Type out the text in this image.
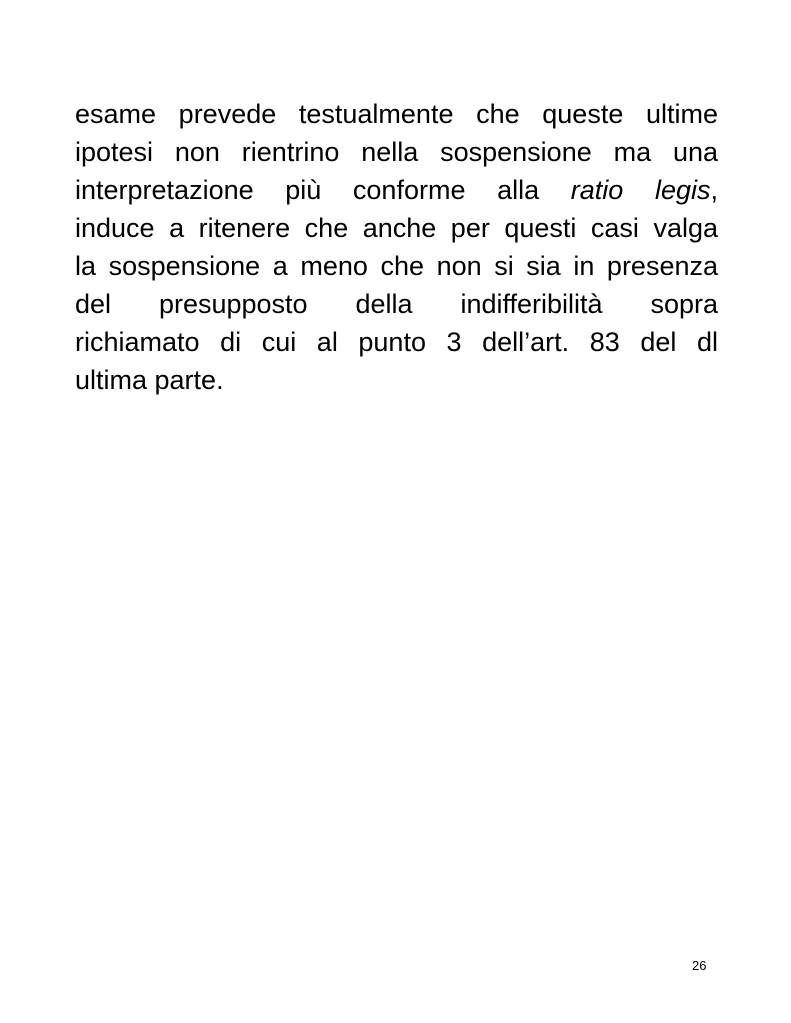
esame prevede testualmente che queste ultime
ipotesi non rientrino nella sospensione ma una
interpretazione più conforme alla ratio legis,
induce a ritenere che anche per questi casi valga
la sospensione a meno che non si sia in presenza
del presupposto della indifferibilità sopra
richiamato di cui al punto 3 dell’art. 83 del dl
ultima parte.
26
